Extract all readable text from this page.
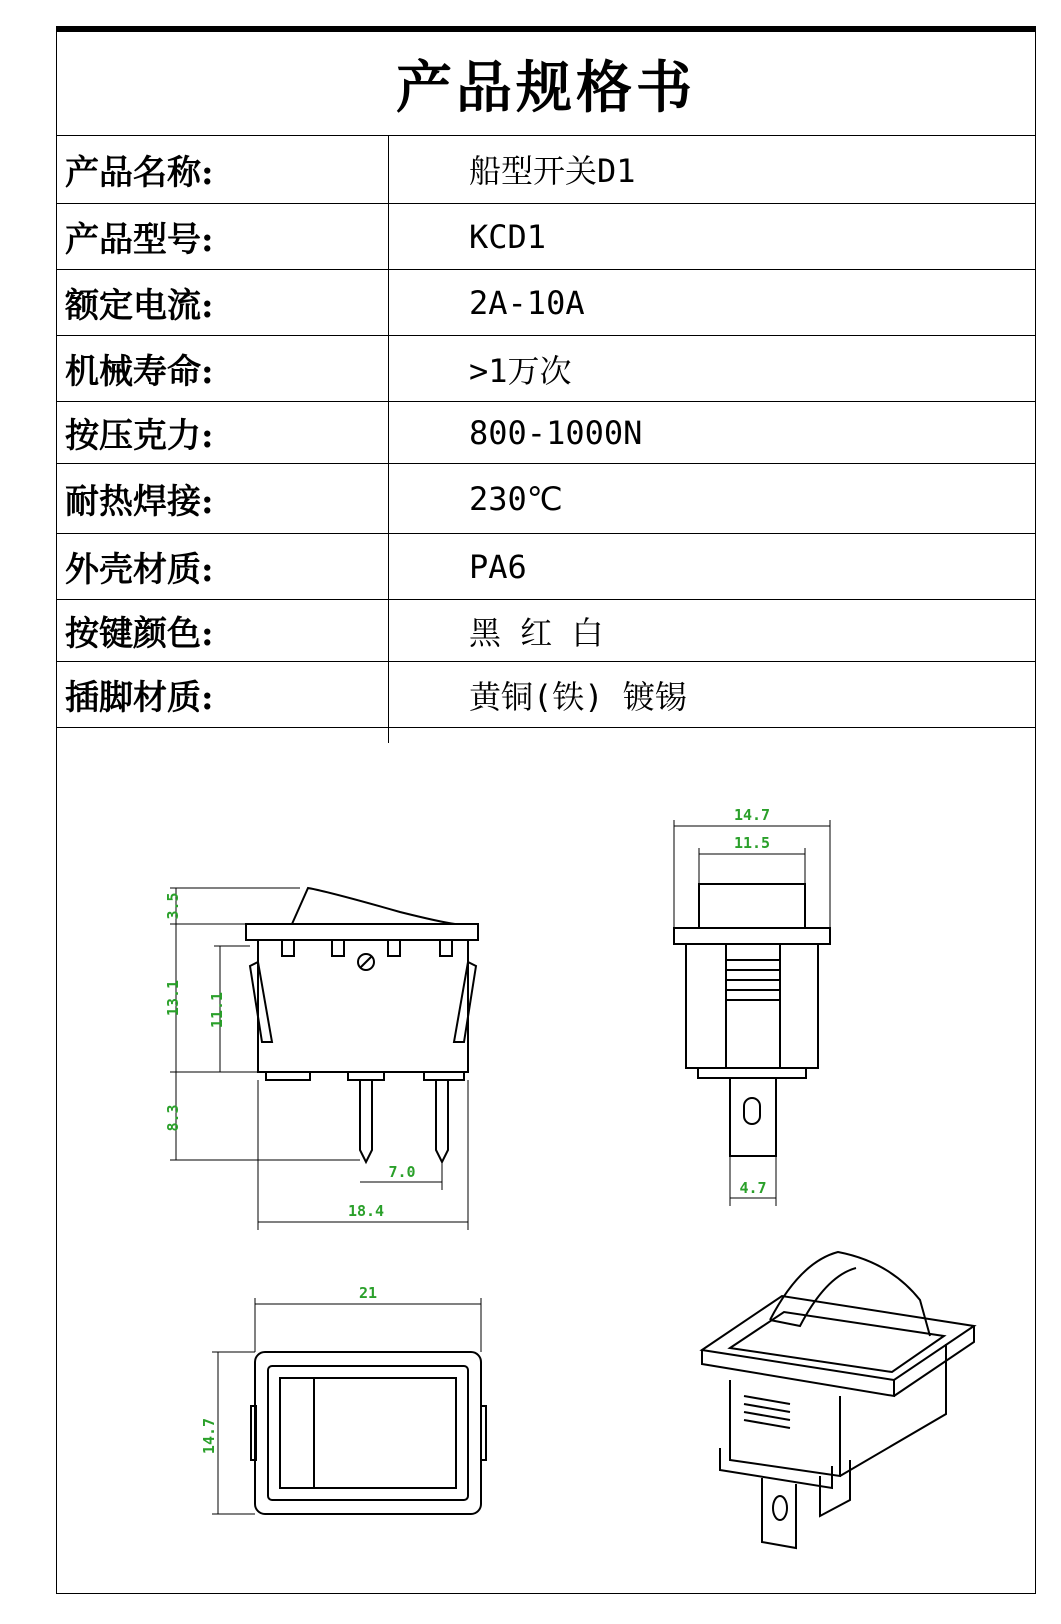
产品规格书
产品名称:	船型开关D1
产品型号:	KCD1
额定电流:	2A-10A
机械寿命:	>1万次
按压克力:	800-1000N
耐热焊接:	230℃
外壳材质:	PA6
按键颜色:	黑 红 白
插脚材质:	黄铜(铁) 镀锡
3.5
13.1 11.1
8.3
7.0
18.4
14.7
11.5
4.7
21
14.7
